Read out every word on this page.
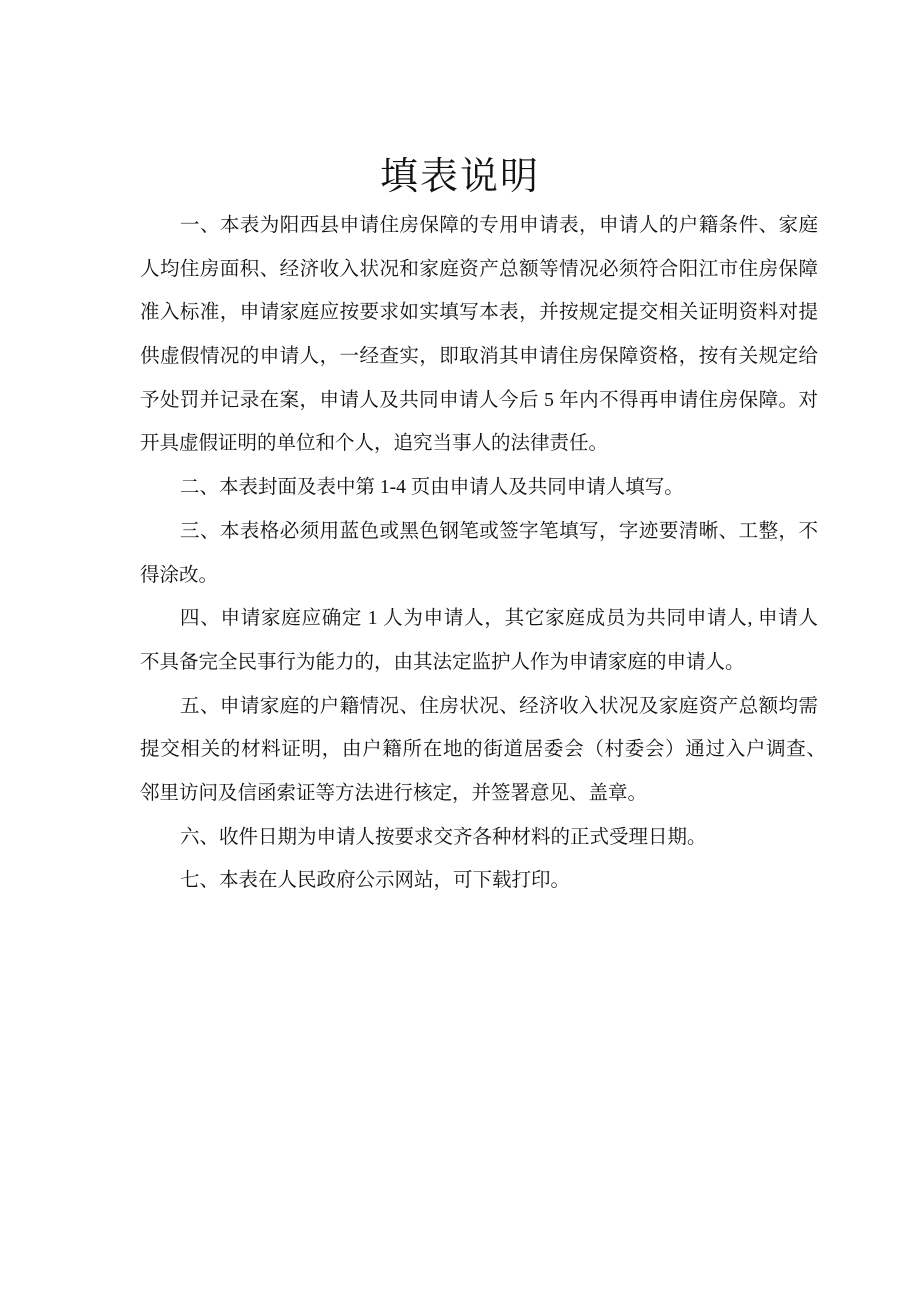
填表说明
一、本表为阳西县申请住房保障的专用申请表，申请人的户籍条件、家庭
人均住房面积、经济收入状况和家庭资产总额等情况必须符合阳江市住房保障
准入标准，申请家庭应按要求如实填写本表，并按规定提交相关证明资料对提
供虚假情况的申请人，一经查实，即取消其申请住房保障资格，按有关规定给
予处罚并记录在案，申请人及共同申请人今后 5 年内不得再申请住房保障。对
开具虚假证明的单位和个人，追究当事人的法律责任。
二、本表封面及表中第 1-4 页由申请人及共同申请人填写。
三、本表格必须用蓝色或黑色钢笔或签字笔填写，字迹要清晰、工整，不
得涂改。
四、申请家庭应确定 1 人为申请人，其它家庭成员为共同申请人, 申请人
不具备完全民事行为能力的，由其法定监护人作为申请家庭的申请人。
五、申请家庭的户籍情况、住房状况、经济收入状况及家庭资产总额均需
提交相关的材料证明，由户籍所在地的街道居委会（村委会）通过入户调查、
邻里访问及信函索证等方法进行核定，并签署意见、盖章。
六、收件日期为申请人按要求交齐各种材料的正式受理日期。
七、本表在人民政府公示网站，可下载打印。
